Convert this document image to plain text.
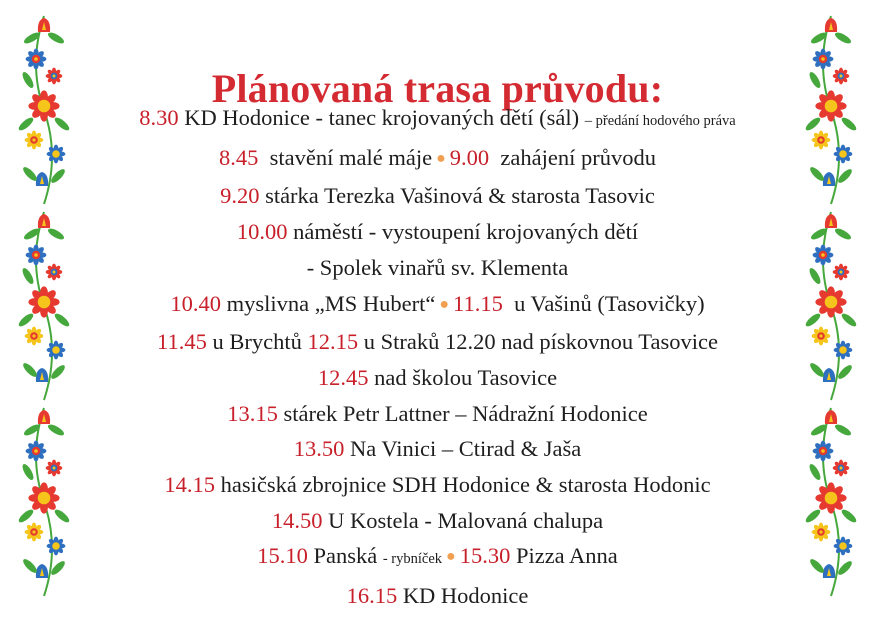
Plánovaná trasa průvodu:
8.30 KD Hodonice - tanec krojovaných dětí (sál) – předání hodového práva
8.45 stavění malé máje ● 9.00 zahájení průvodu
9.20 stárka Terezka Vašinová & starosta Tasovic
10.00 náměstí - vystoupení krojovaných dětí
- Spolek vinařů sv. Klementa
10.40 myslivna „MS Hubert“ ● 11.15 u Vašinů (Tasovičky)
11.45 u Brychtů 12.15 u Straků 12.20 nad pískovnou Tasovice
12.45 nad školou Tasovice
13.15 stárek Petr Lattner – Nádražní Hodonice
13.50 Na Vinici – Ctirad & Jaša
14.15 hasičská zbrojnice SDH Hodonice & starosta Hodonic
14.50 U Kostela - Malovaná chalupa
15.10 Panská - rybníček ● 15.30 Pizza Anna
16.15 KD Hodonice
